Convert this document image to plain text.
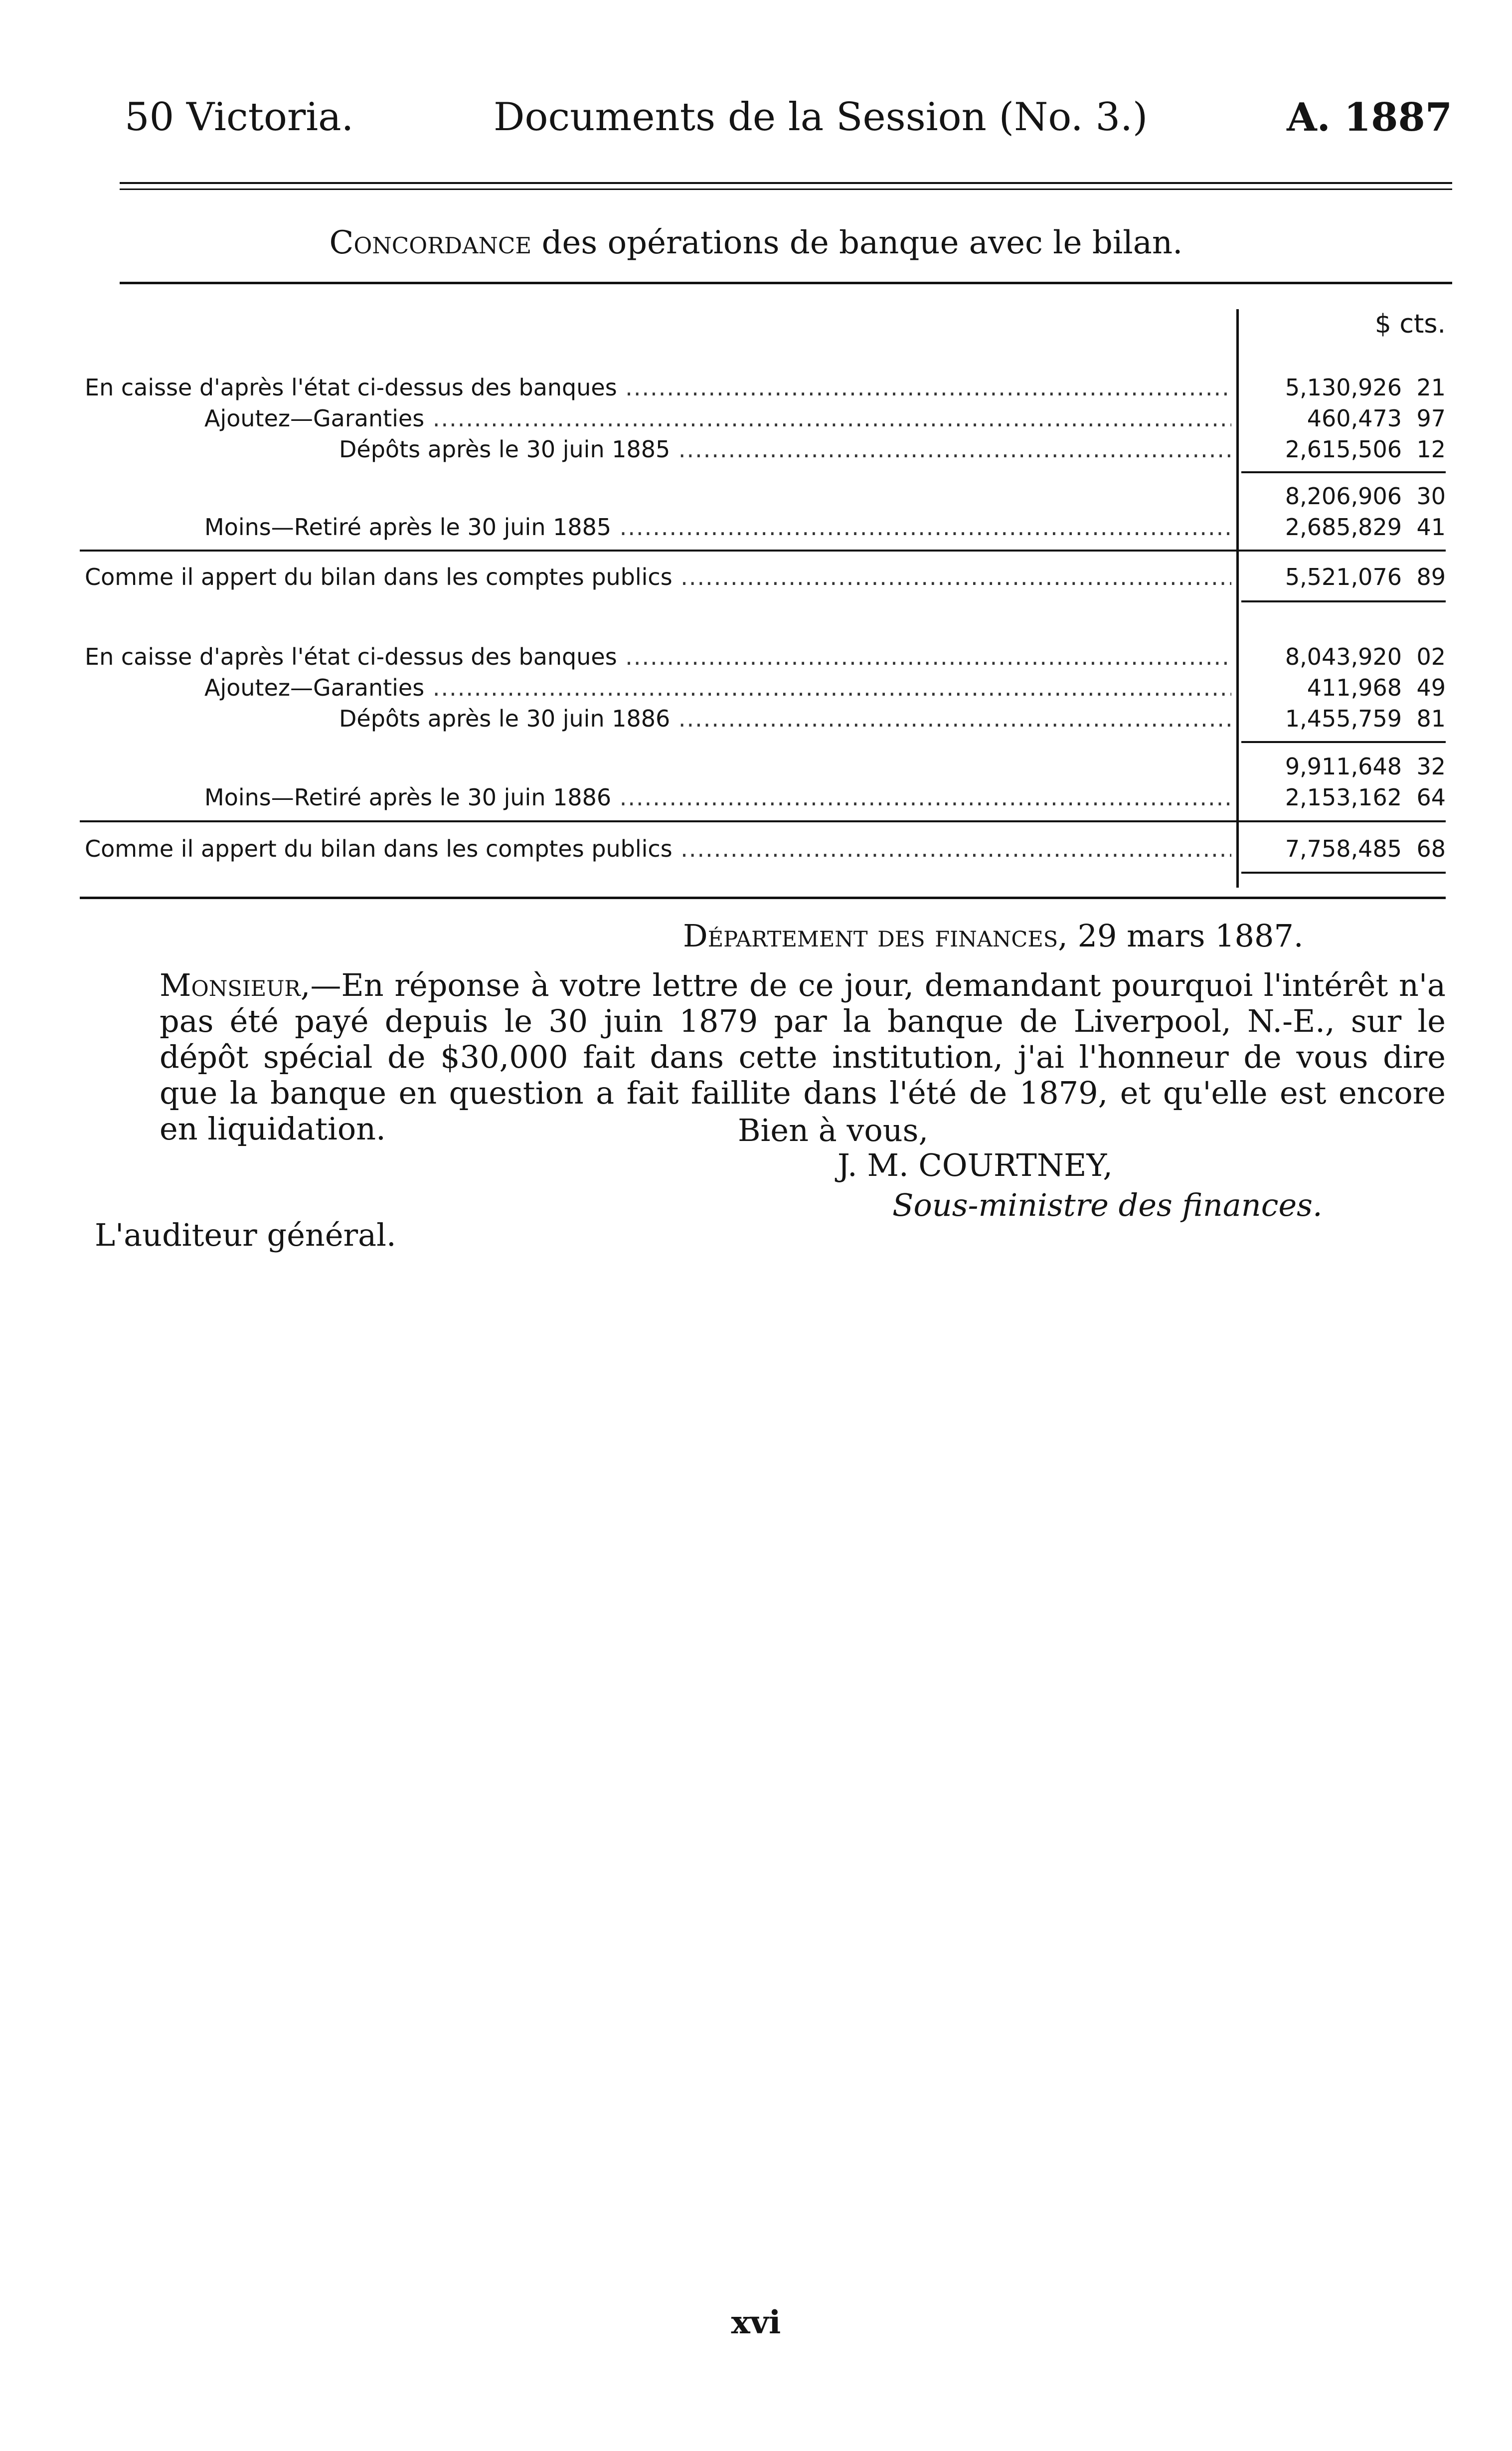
50 Victoria.	Documents de la Session (No. 3.)	A. 1887
Concordance des opérations de banque avec le bilan.
$ cts.
En caisse d'après l'état ci-dessus des banques .....	5,130,926 21
Ajoutez—Garanties .....	460,473 97
Dépôts après le 30 juin 1885 .....	2,615,506 12
8,206,906 30
Moins—Retiré après le 30 juin 1885 .....	2,685,829 41
Comme il appert du bilan dans les comptes publics .....	5,521,076 89
En caisse d'après l'état ci-dessus des banques .....	8,043,920 02
Ajoutez—Garanties .....	411,968 49
Dépôts après le 30 juin 1886 .....	1,455,759 81
9,911,648 32
Moins—Retiré après le 30 juin 1886 .....	2,153,162 64
Comme il appert du bilan dans les comptes publics .....	7,758,485 68
Département des finances, 29 mars 1887.
Monsieur,—En réponse à votre lettre de ce jour, demandant pourquoi l'intérêt n'a pas été payé depuis le 30 juin 1879 par la banque de Liverpool, N.-E., sur le dépôt spécial de $30,000 fait dans cette institution, j'ai l'honneur de vous dire que la banque en question a fait faillite dans l'été de 1879, et qu'elle est encore en liquidation.	Bien à vous,
J. M. COURTNEY,
Sous-ministre des finances.
L'auditeur général.
xvi
